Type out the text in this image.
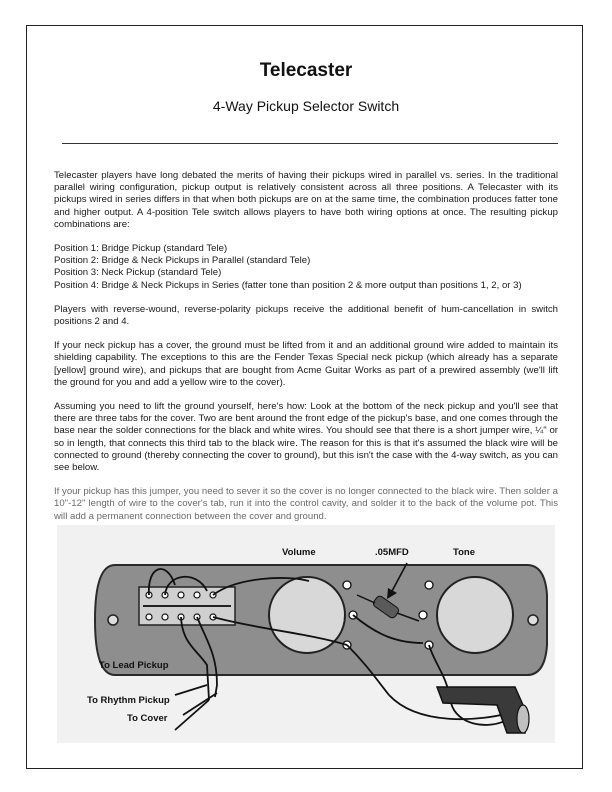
Telecaster
4-Way Pickup Selector Switch

Telecaster players have long debated the merits of having their pickups wired in parallel vs. series. In the traditional parallel wiring configuration, pickup output is relatively consistent across all three positions. A Telecaster with its pickups wired in series differs in that when both pickups are on at the same time, the combination produces fatter tone and higher output. A 4-position Tele switch allows players to have both wiring options at once. The resulting pickup combinations are:

Position 1: Bridge Pickup (standard Tele)
Position 2: Bridge & Neck Pickups in Parallel (standard Tele)
Position 3: Neck Pickup (standard Tele)
Position 4: Bridge & Neck Pickups in Series (fatter tone than position 2 & more output than positions 1, 2, or 3)

Players with reverse-wound, reverse-polarity pickups receive the additional benefit of hum-cancellation in switch positions 2 and 4.

If your neck pickup has a cover, the ground must be lifted from it and an additional ground wire added to maintain its shielding capability. The exceptions to this are the Fender Texas Special neck pickup (which already has a separate [yellow] ground wire), and pickups that are bought from Acme Guitar Works as part of a prewired assembly (we'll lift the ground for you and add a yellow wire to the cover).

Assuming you need to lift the ground yourself, here's how: Look at the bottom of the neck pickup and you'll see that there are three tabs for the cover. Two are bent around the front edge of the pickup's base, and one comes through the base near the solder connections for the black and white wires. You should see that there is a short jumper wire, ¼" or so in length, that connects this third tab to the black wire. The reason for this is that it's assumed the black wire will be connected to ground (thereby connecting the cover to ground), but this isn't the case with the 4-way switch, as you can see below.

If your pickup has this jumper, you need to sever it so the cover is no longer connected to the black wire. Then solder a 10"-12" length of wire to the cover's tab, run it into the control cavity, and solder it to the back of the volume pot. This will add a permanent connection between the cover and ground.

Volume	.05MFD	Tone
To Lead Pickup
To Rhythm Pickup
To Cover
